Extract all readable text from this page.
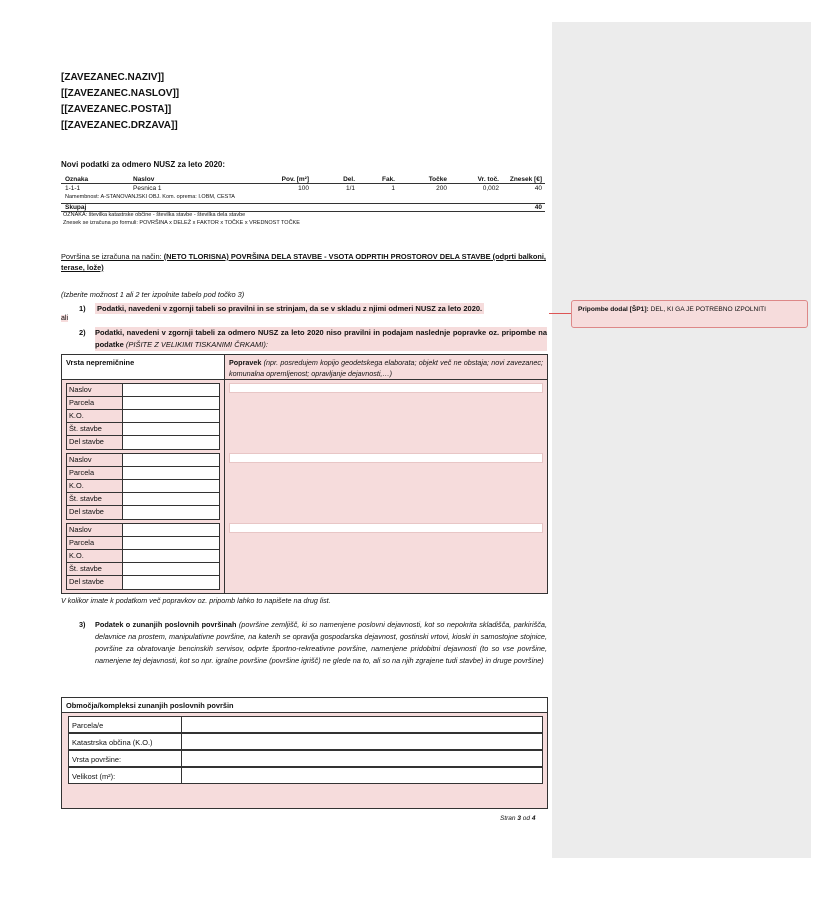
[ZAVEZANEC.NAZIV]]
[[ZAVEZANEC.NASLOV]]
[[ZAVEZANEC.POSTA]]
[[ZAVEZANEC.DRZAVA]]
Novi podatki za odmero NUSZ za leto 2020:
Oznaka	Naslov	Pov. [m²]	Del.	Fak.	Točke	Vr. toč.	Znesek [€]
1-1-1	Pesnica 1	100	1/1	1	200	0,002	40
Namembnost: A-STANOVANJSKI OBJ. Kom. oprema: I.OBM, CESTA
Skupaj	40
OZNAKA: številka katastrske občine - številka stavbe - številka dela stavbe
Znesek se izračuna po formuli: POVRŠINA x DELEŽ x FAKTOR x TOČKE x VREDNOST TOČKE
Površina se izračuna na način: (NETO TLORISNA) POVRŠINA DELA STAVBE - VSOTA ODPRTIH PROSTOROV DELA STAVBE (odprti balkoni, terase, lože)
(Izberite možnost 1 ali 2 ter izpolnite tabelo pod točko 3)
1) Podatki, navedeni v zgornji tabeli so pravilni in se strinjam, da se v skladu z njimi odmeri NUSZ za leto 2020.
ali
2) Podatki, navedeni v zgornji tabeli za odmero NUSZ za leto 2020 niso pravilni in podajam naslednje popravke oz. pripombe na podatke (PIŠITE Z VELIKIMI TISKANIMI ČRKAMI):
Vrsta nepremičnine	Popravek (npr. posredujem kopijo geodetskega elaborata; objekt več ne obstaja; novi zavezanec; komunalna opremljenost; opravljanje dejavnosti,…)
Naslov
Parcela
K.O.
Št. stavbe
Del stavbe
Naslov
Parcela
K.O.
Št. stavbe
Del stavbe
Naslov
Parcela
K.O.
Št. stavbe
Del stavbe
V kolikor imate k podatkom več popravkov oz. pripomb lahko to napišete na drug list.
3) Podatek o zunanjih poslovnih površinah (površine zemljišč, ki so namenjene poslovni dejavnosti, kot so nepokrita skladišča, parkirišča, delavnice na prostem, manipulativne površine, na katerih se opravlja gospodarska dejavnost, gostinski vrtovi, kioski in samostojne stojnice, površine za obratovanje bencinskih servisov, odprte športno-rekreativne površine, namenjene pridobitni dejavnosti (to so vse površine, namenjene tej dejavnosti, kot so npr. igralne površine (površine igrišč) ne glede na to, ali so na njih zgrajene tudi stavbe) in druge površine)
Območja/kompleksi zunanjih poslovnih površin
Parcela/e
Katastrska občina (K.O.)
Vrsta površine:
Velikost (m²):
Stran 3 od 4
Pripombe dodal [ŠP1]: DEL, KI GA JE POTREBNO IZPOLNITI
